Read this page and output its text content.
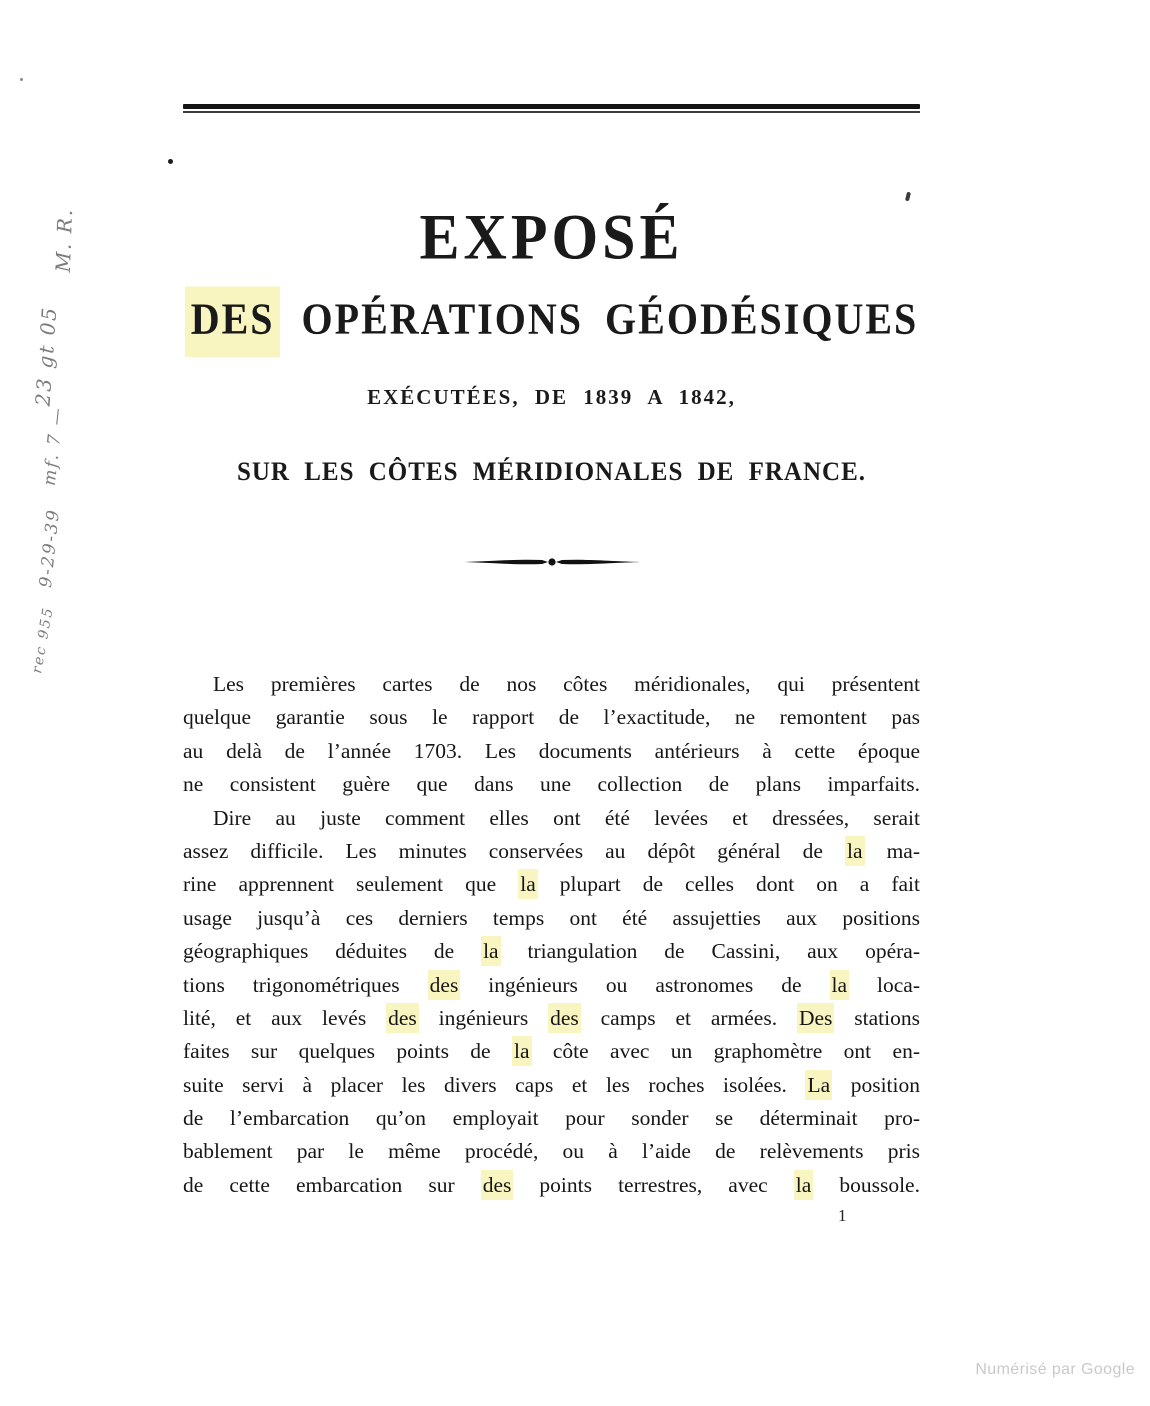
EXPOSÉ
DES OPÉRATIONS GÉODÉSIQUES
EXÉCUTÉES, DE 1839 A 1842,
SUR LES CÔTES MÉRIDIONALES DE FRANCE.
Les premières cartes de nos côtes méridionales, qui présentent
quelque garantie sous le rapport de l’exactitude, ne remontent pas
au delà de l’année 1703. Les documents antérieurs à cette époque
ne consistent guère que dans une collection de plans imparfaits.
Dire au juste comment elles ont été levées et dressées, serait
assez difficile. Les minutes conservées au dépôt général de la ma-
rine apprennent seulement que la plupart de celles dont on a fait
usage jusqu’à ces derniers temps ont été assujetties aux positions
géographiques déduites de la triangulation de Cassini, aux opéra-
tions trigonométriques des ingénieurs ou astronomes de la loca-
lité, et aux levés des ingénieurs des camps et armées. Des stations
faites sur quelques points de la côte avec un graphomètre ont en-
suite servi à placer les divers caps et les roches isolées. La position
de l’embarcation qu’on employait pour sonder se déterminait pro-
bablement par le même procédé, ou à l’aide de relèvements pris
de cette embarcation sur des points terrestres, avec la boussole.
M. R.
23 gt 05
mf. 7 —
9-29-39
rec 955
1
Numérisé par Google
